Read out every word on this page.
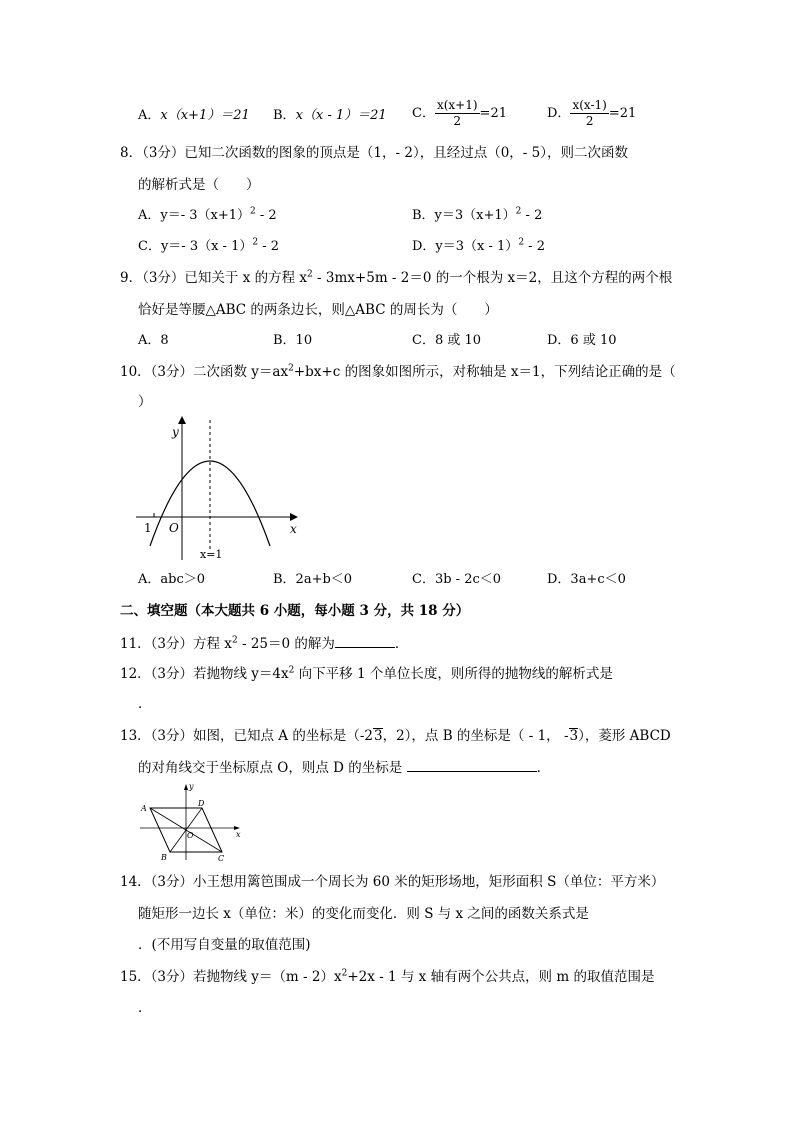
A．x（x+1）＝21 B．x（x - 1）＝21 C． $\frac{x(x+1)}{2} =21$	D． $\frac{x(x-1)}{2} =21$
8．（3分）已知二次函数的图象的顶点是（1，- 2），且经过点（0，- 5），则二次函数
的解析式是（　　）
A．y＝- $3(x+1)^2 - 2$	B．$y=3(x+1)^2 - 2$
C．y＝- 3（x - 1）$^2$ - 2	D．y＝3（x - 1）$^2$ - 2
9．（3分）已知关于 x 的方程 $x^2 - 3mx+5m - 2=0$ 的一个根为 x＝2，且这个方程的两个根
恰好是等腰△ABC 的两条边长，则△ABC 的周长为（　　）
A．8	B．10	C．8 或 10	D．6 或 10
10．（3分）二次函数 $y=ax^2+bx+c$ 的图象如图所示，对称轴是 x＝1，下列结论正确的是（
）
y
x
O
1
x=1
A．abc＞0	B．2a+b＜0	C．3b - 2c＜0	D．3a+c＜0
二、填空题（本大题共 6 小题，每小题 3 分，共 18 分）
11．（3分）方程 $x^2 - 25=0$ 的解为	．
12．（3分）若抛物线 $y=4x^2$ 向下平移 1 个单位长度，则所得的抛物线的解析式是
．
13．（3分）如图，已知点 A 的坐标是（-23，2），点 B 的坐标是（ - 1， -3），菱形 ABCD
的对角线交于坐标原点 O，则点 D 的坐标是	．
A
D
B	C
O	x
y
14．（3分）小王想用篱笆围成一个周长为 60 米的矩形场地，矩形面积 S（单位：平方米）
随矩形一边长 x（单位：米）的变化而变化．则 S 与 x 之间的函数关系式是
．(不用写自变量的取值范围)
15．（3分）若抛物线 $y=(m - 2)x^2+2x - 1$ 与 x 轴有两个公共点，则 m 的取值范围是
．
